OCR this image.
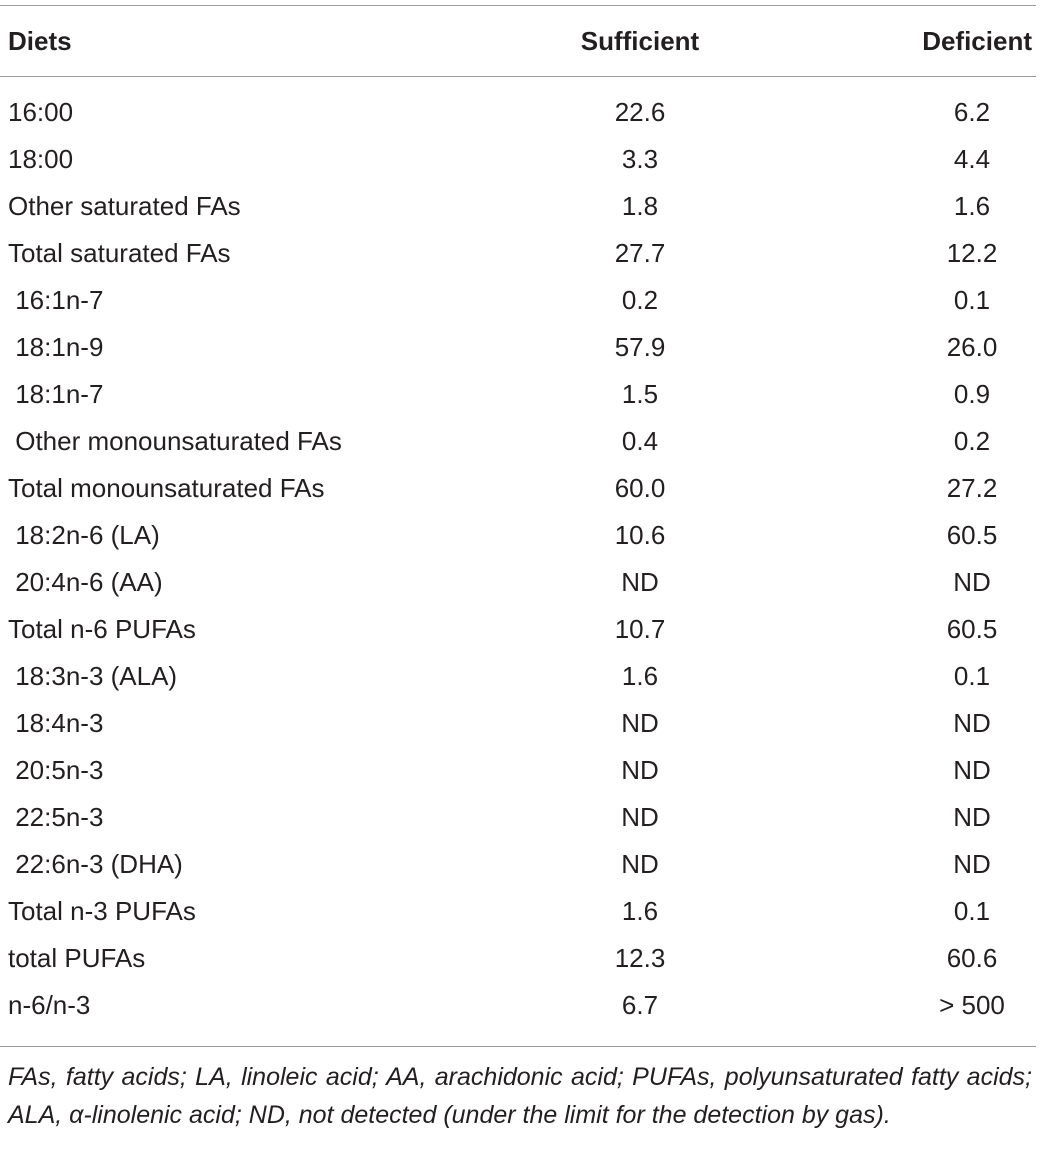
Diets	Sufficient	Deficient
16:00	22.6	6.2
18:00	3.3	4.4
Other saturated FAs	1.8	1.6
Total saturated FAs	27.7	12.2
16:1n-7	0.2	0.1
18:1n-9	57.9	26.0
18:1n-7	1.5	0.9
Other monounsaturated FAs	0.4	0.2
Total monounsaturated FAs	60.0	27.2
18:2n-6 (LA)	10.6	60.5
20:4n-6 (AA)	ND	ND
Total n-6 PUFAs	10.7	60.5
18:3n-3 (ALA)	1.6	0.1
18:4n-3	ND	ND
20:5n-3	ND	ND
22:5n-3	ND	ND
22:6n-3 (DHA)	ND	ND
Total n-3 PUFAs	1.6	0.1
total PUFAs	12.3	60.6
n-6/n-3	6.7	> 500
FAs, fatty acids; LA, linoleic acid; AA, arachidonic acid; PUFAs, polyunsaturated fatty acids; ALA, α-linolenic acid; ND, not detected (under the limit for the detection by gas).
